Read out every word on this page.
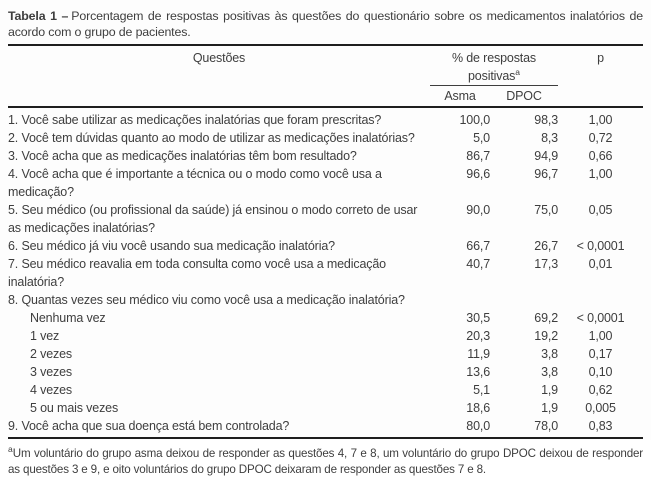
Tabela 1 – Porcentagem de respostas positivas às questões do questionário sobre os medicamentos inalatórios de acordo com o grupo de pacientes.
Questões	% de respostas
positivas$^a$		p
	Asma	DPOC	
1. Você sabe utilizar as medicações inalatórias que foram prescritas?	100,0	98,3	1,00
2. Você tem dúvidas quanto ao modo de utilizar as medicações inalatórias?	5,0	8,3	0,72
3. Você acha que as medicações inalatórias têm bom resultado?	86,7	94,9	0,66
4. Você acha que é importante a técnica ou o modo como você usa a medicação?	96,6	96,7	1,00
5. Seu médico (ou profissional da saúde) já ensinou o modo correto de usar as medicações inalatórias?	90,0	75,0	0,05
6. Seu médico já viu você usando sua medicação inalatória?	66,7	26,7	< 0,0001
7. Seu médico reavalia em toda consulta como você usa a medicação inalatória?	40,7	17,3	0,01
8. Quantas vezes seu médico viu como você usa a medicação inalatória?			
Nenhuma vez	30,5	69,2	< 0,0001
1 vez	20,3	19,2	1,00
2 vezes	11,9	3,8	0,17
3 vezes	13,6	3,8	0,10
4 vezes	5,1	1,9	0,62
5 ou mais vezes	18,6	1,9	0,005
9. Você acha que sua doença está bem controlada?	80,0	78,0	0,83
$^a$Um voluntário do grupo asma deixou de responder as questões 4, 7 e 8, um voluntário do grupo DPOC deixou de responder as questões 3 e 9, e oito voluntários do grupo DPOC deixaram de responder as questões 7 e 8.
